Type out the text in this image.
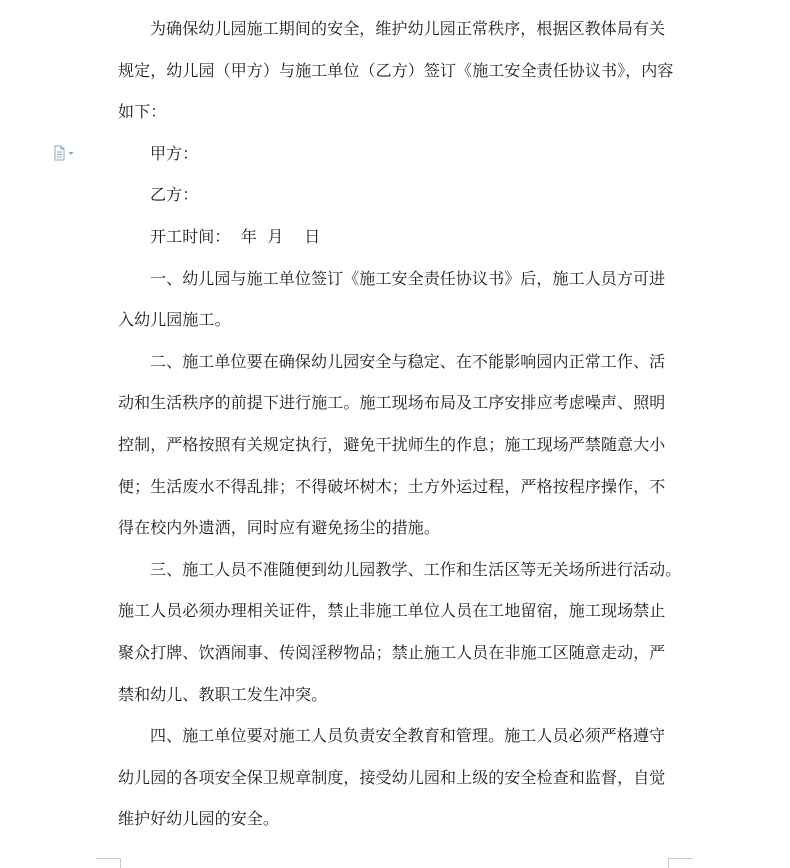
为确保幼儿园施工期间的安全，维护幼儿园正常秩序，根据区教体局有关
规定，幼儿园（甲方）与施工单位（乙方）签订《施工安全责任协议书》，内容
如下：
甲方：
乙方：
开工时间：  年  月    日
一、幼儿园与施工单位签订《施工安全责任协议书》后，施工人员方可进
入幼儿园施工。
二、施工单位要在确保幼儿园安全与稳定、在不能影响园内正常工作、活
动和生活秩序的前提下进行施工。施工现场布局及工序安排应考虑噪声、照明
控制，严格按照有关规定执行，避免干扰师生的作息；施工现场严禁随意大小
便；生活废水不得乱排；不得破坏树木；土方外运过程，严格按程序操作，不
得在校内外遗洒，同时应有避免扬尘的措施。
三、施工人员不准随便到幼儿园教学、工作和生活区等无关场所进行活动。
施工人员必须办理相关证件，禁止非施工单位人员在工地留宿，施工现场禁止
聚众打牌、饮酒闹事、传阅淫秽物品；禁止施工人员在非施工区随意走动，严
禁和幼儿、教职工发生冲突。
四、施工单位要对施工人员负责安全教育和管理。施工人员必须严格遵守
幼儿园的各项安全保卫规章制度，接受幼儿园和上级的安全检查和监督，自觉
维护好幼儿园的安全。
